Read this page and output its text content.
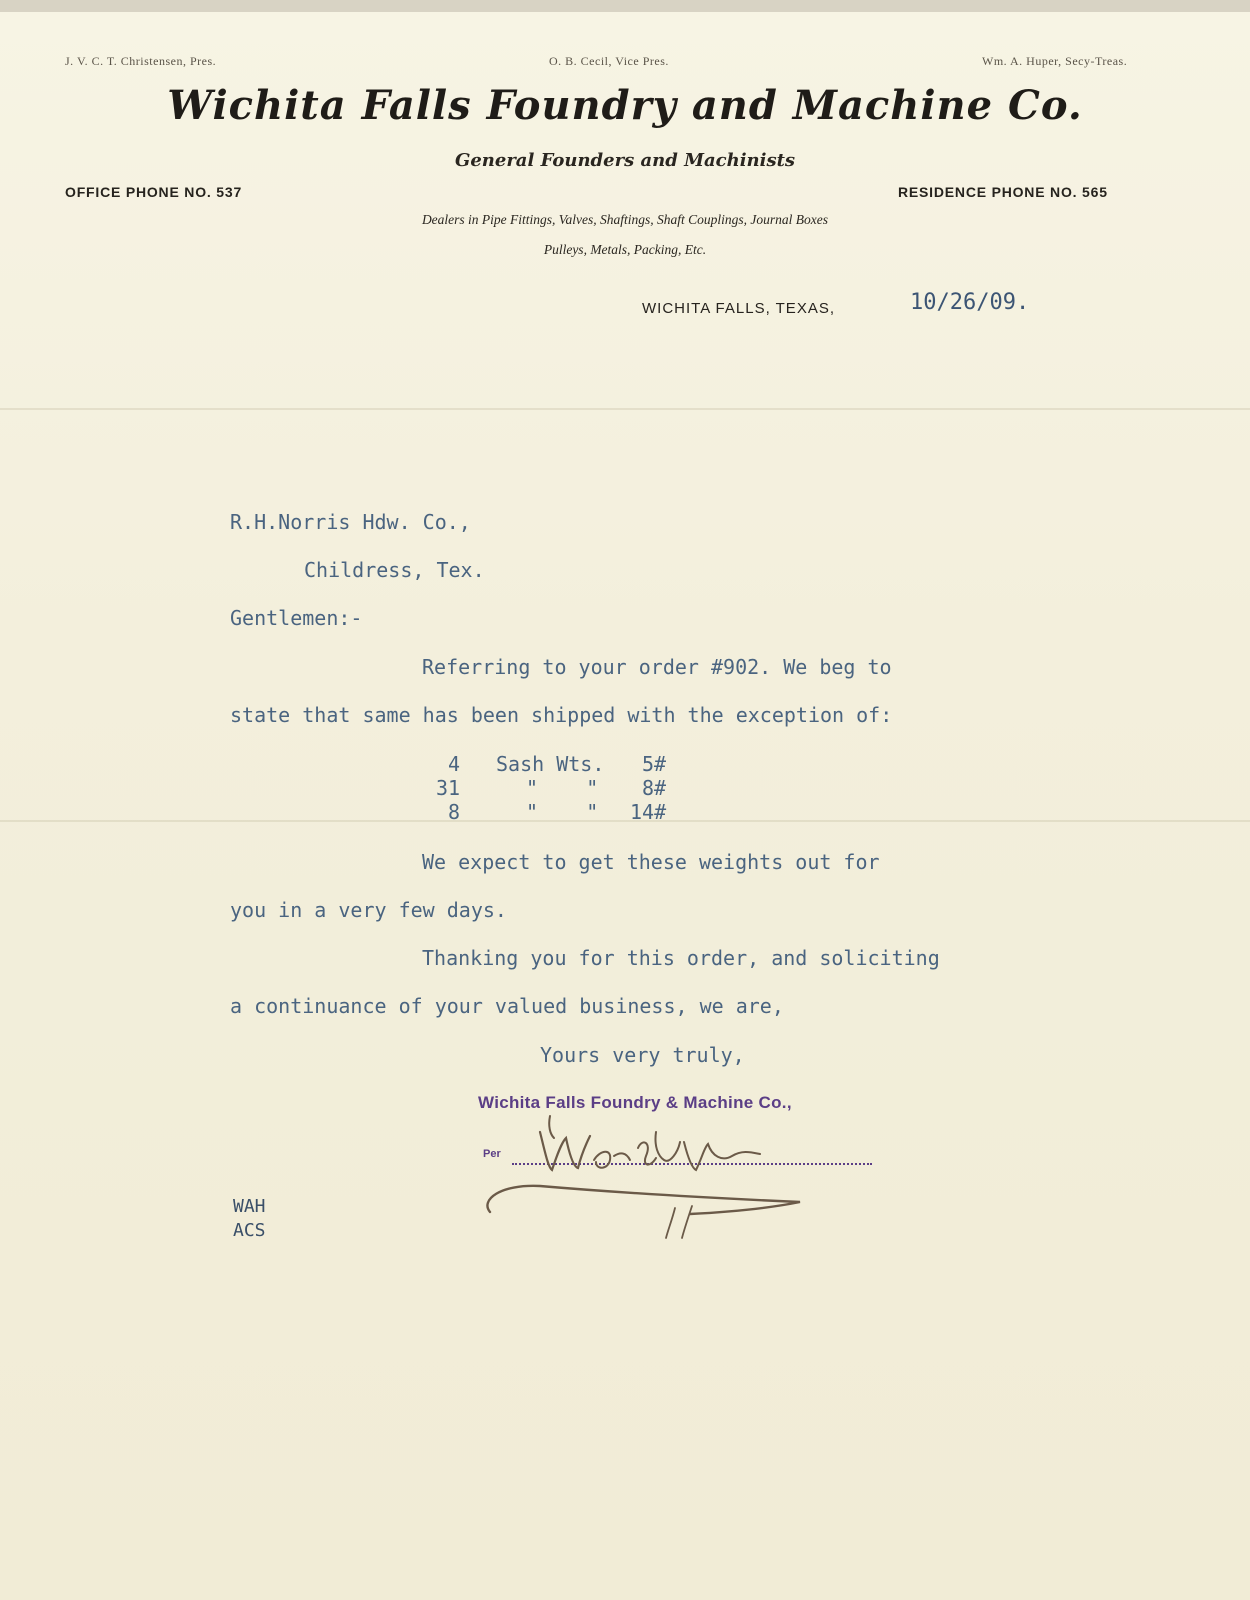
J. V. C. T. Christensen, Pres.	O. B. Cecil, Vice Pres.	Wm. A. Huper, Secy-Treas.
Wichita Falls Foundry and Machine Co.
General Founders and Machinists
OFFICE PHONE NO. 537	RESIDENCE PHONE NO. 565
Dealers in Pipe Fittings, Valves, Shaftings, Shaft Couplings, Journal Boxes
Pulleys, Metals, Packing, Etc.
WICHITA FALLS, TEXAS,	10/26/09.
R.H.Norris Hdw. Co.,
Childress, Tex.
Gentlemen:-
Referring to your order #902. We beg to
state that same has been shipped with the exception of:
4 Sash Wts. 5#
31	"    " 8#
8	"    " 14#
We expect to get these weights out for
you in a very few days.
Thanking you for this order, and soliciting
a continuance of your valued business, we are,
Yours very truly,
Wichita Falls Foundry & Machine Co.,
Per
WAH
ACS
